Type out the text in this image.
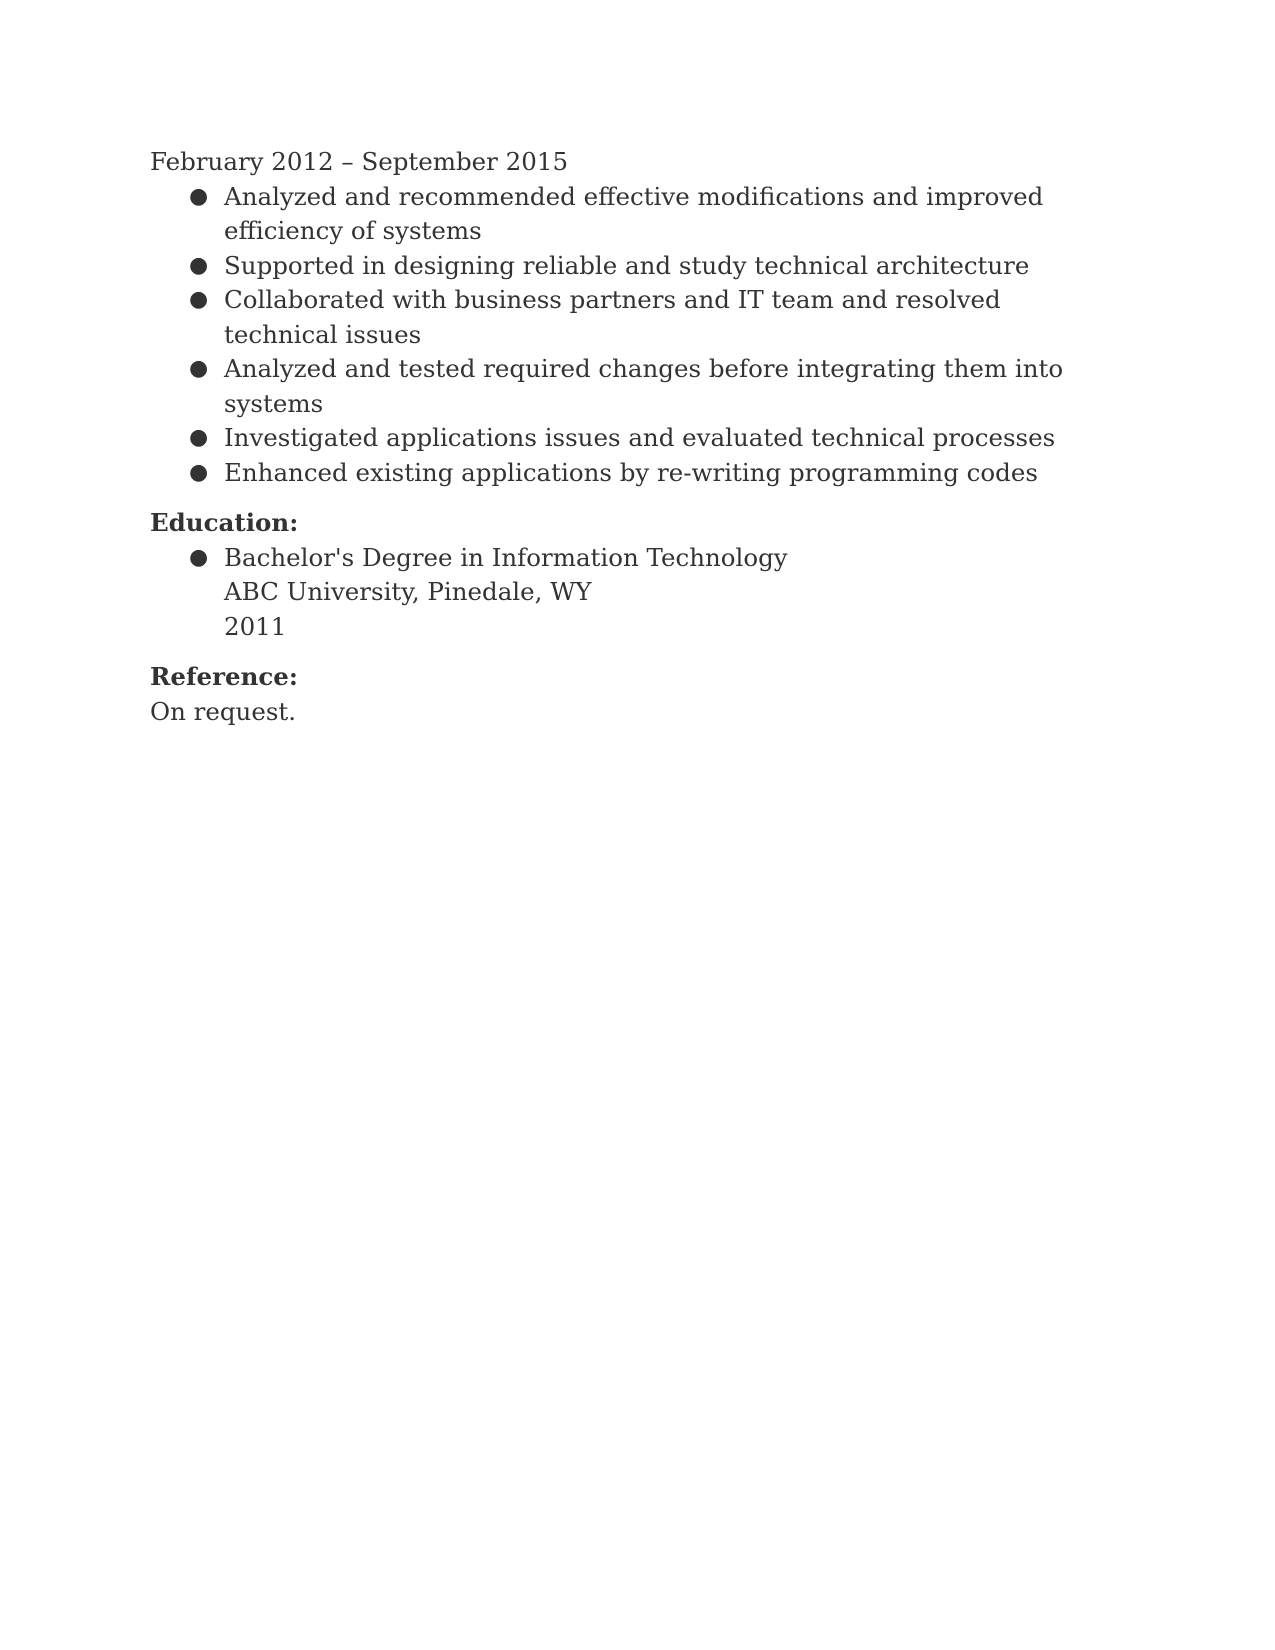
February 2012 – September 2015

● Analyzed and recommended effective modifications and improved efficiency of systems
● Supported in designing reliable and study technical architecture
● Collaborated with business partners and IT team and resolved technical issues
● Analyzed and tested required changes before integrating them into systems
● Investigated applications issues and evaluated technical processes
● Enhanced existing applications by re-writing programming codes

Education:

● Bachelor's Degree in Information Technology
ABC University, Pinedale, WY
2011

Reference:

On request.
